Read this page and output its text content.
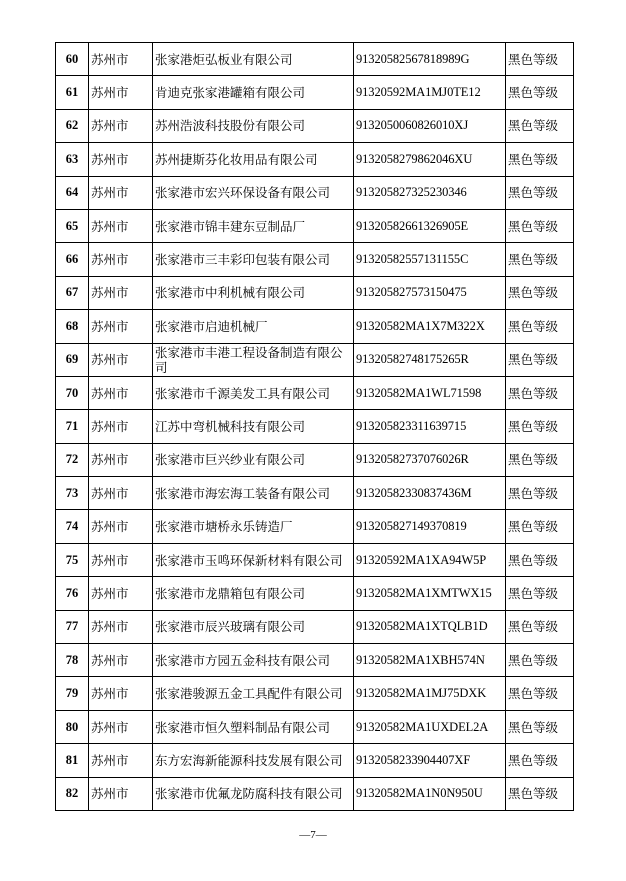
60	苏州市	张家港炬弘板业有限公司	91320582567818989G	黑色等级
61	苏州市	肯迪克张家港罐箱有限公司	91320592MA1MJ0TE12	黑色等级
62	苏州市	苏州浩波科技股份有限公司	9132050060826010XJ	黑色等级
63	苏州市	苏州捷斯芬化妆用品有限公司	9132058279862046XU	黑色等级
64	苏州市	张家港市宏兴环保设备有限公司	913205827325230346	黑色等级
65	苏州市	张家港市锦丰建东豆制品厂	91320582661326905E	黑色等级
66	苏州市	张家港市三丰彩印包装有限公司	91320582557131155C	黑色等级
67	苏州市	张家港市中利机械有限公司	913205827573150475	黑色等级
68	苏州市	张家港市启迪机械厂	91320582MA1X7M322X	黑色等级
69	苏州市	张家港市丰港工程设备制造有限公司	91320582748175265R	黑色等级
70	苏州市	张家港市千源美发工具有限公司	91320582MA1WL71598	黑色等级
71	苏州市	江苏中弯机械科技有限公司	913205823311639715	黑色等级
72	苏州市	张家港市巨兴纱业有限公司	91320582737076026R	黑色等级
73	苏州市	张家港市海宏海工装备有限公司	91320582330837436M	黑色等级
74	苏州市	张家港市塘桥永乐铸造厂	913205827149370819	黑色等级
75	苏州市	张家港市玉鸣环保新材料有限公司	91320592MA1XA94W5P	黑色等级
76	苏州市	张家港市龙鼎箱包有限公司	91320582MA1XMTWX15	黑色等级
77	苏州市	张家港市辰兴玻璃有限公司	91320582MA1XTQLB1D	黑色等级
78	苏州市	张家港市方园五金科技有限公司	91320582MA1XBH574N	黑色等级
79	苏州市	张家港骏源五金工具配件有限公司	91320582MA1MJ75DXK	黑色等级
80	苏州市	张家港市恒久塑料制品有限公司	91320582MA1UXDEL2A	黑色等级
81	苏州市	东方宏海新能源科技发展有限公司	9132058233904407XF	黑色等级
82	苏州市	张家港市优氟龙防腐科技有限公司	91320582MA1N0N950U	黑色等级
—7—
